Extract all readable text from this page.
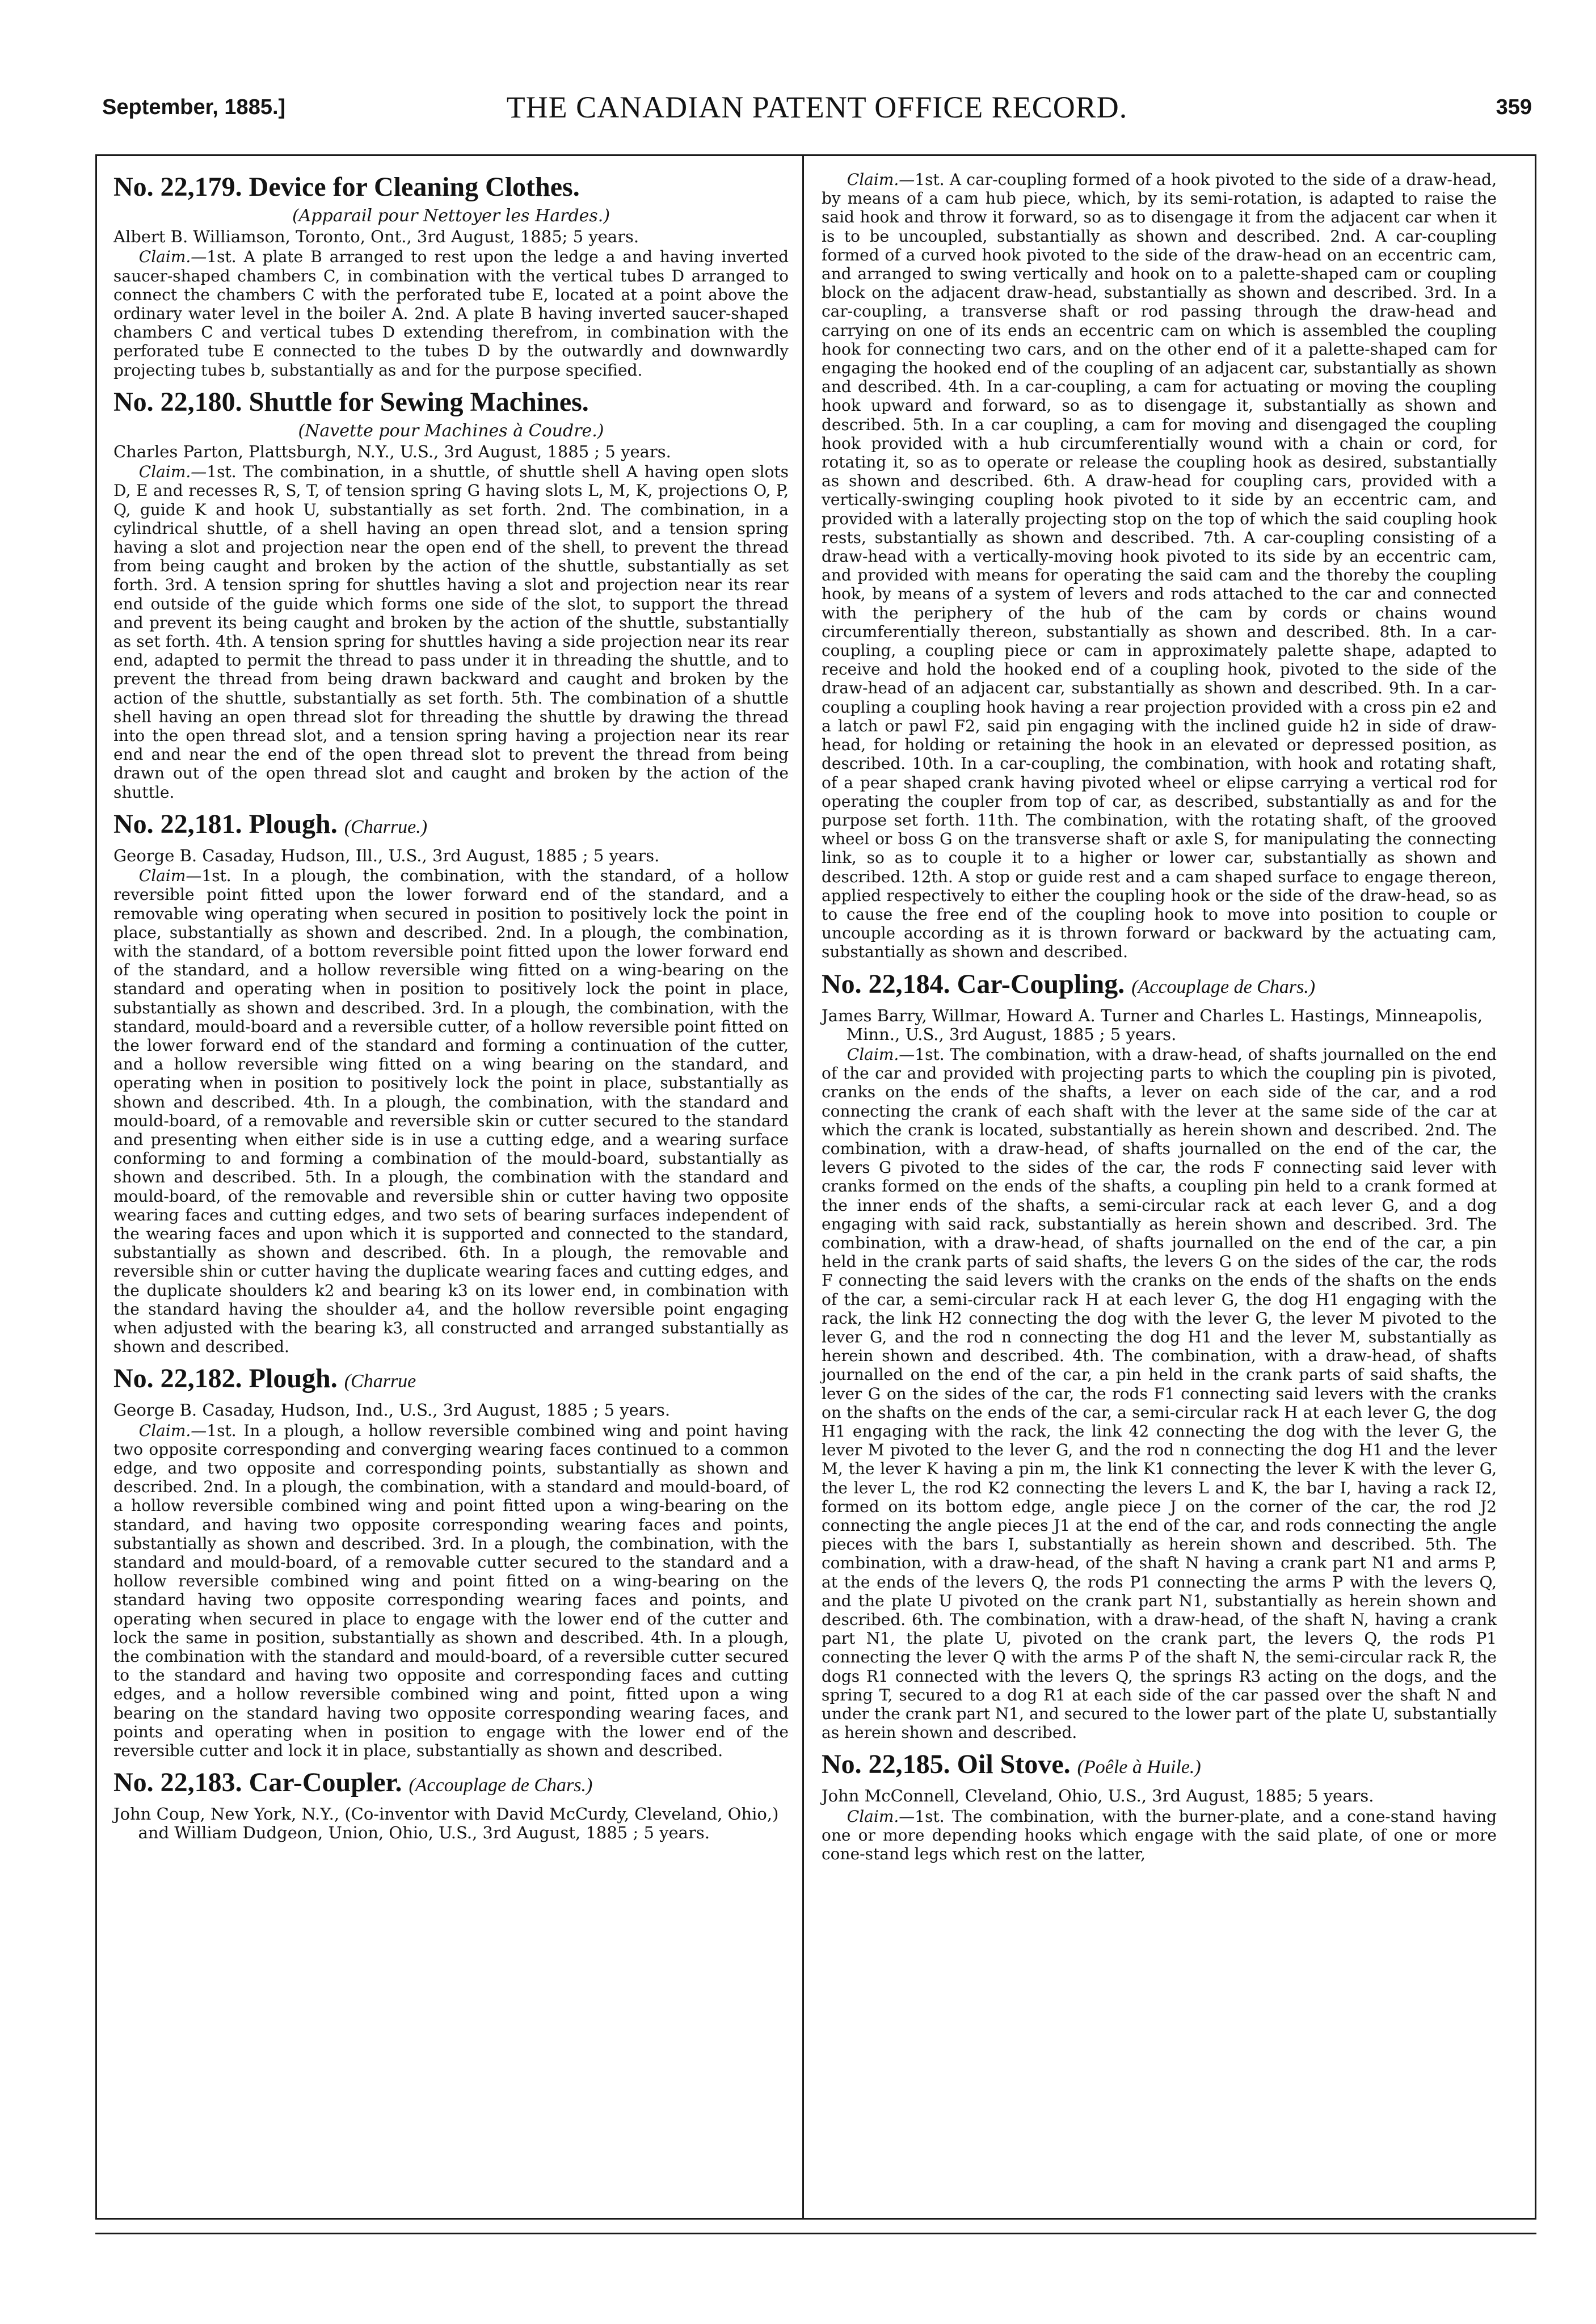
September, 1885.]	THE CANADIAN PATENT OFFICE RECORD.	359
No. 22,179. Device for Cleaning Clothes.
(Apparail pour Nettoyer les Hardes.)
Albert B. Williamson, Toronto, Ont., 3rd August, 1885; 5 years.

Claim.—1st. A plate B arranged to rest upon the ledge a and having inverted saucer-shaped chambers C, in combination with the vertical tubes D arranged to connect the chambers C with the perforated tube E, located at a point above the ordinary water level in the boiler A. 2nd. A plate B having inverted saucer-shaped chambers C and vertical tubes D extending therefrom, in combination with the perforated tube E connected to the tubes D by the outwardly and downwardly projecting tubes b, substantially as and for the purpose specified.

No. 22,180. Shuttle for Sewing Machines.
(Navette pour Machines à Coudre.)
Charles Parton, Plattsburgh, N.Y., U.S., 3rd August, 1885 ; 5 years.

Claim.—1st. The combination, in a shuttle, of shuttle shell A having open slots D, E and recesses R, S, T, of tension spring G having slots L, M, K, projections O, P, Q, guide K and hook U, substantially as set forth. 2nd. The combination, in a cylindrical shuttle, of a shell having an open thread slot, and a tension spring having a slot and projection near the open end of the shell, to prevent the thread from being caught and broken by the action of the shuttle, substantially as set forth. 3rd. A tension spring for shuttles having a slot and projection near its rear end outside of the guide which forms one side of the slot, to support the thread and prevent its being caught and broken by the action of the shuttle, substantially as set forth. 4th. A tension spring for shuttles having a side projection near its rear end, adapted to permit the thread to pass under it in threading the shuttle, and to prevent the thread from being drawn backward and caught and broken by the action of the shuttle, substantially as set forth. 5th. The combination of a shuttle shell having an open thread slot for threading the shuttle by drawing the thread into the open thread slot, and a tension spring having a projection near its rear end and near the end of the open thread slot to prevent the thread from being drawn out of the open thread slot and caught and broken by the action of the shuttle.

No. 22,181. Plough. (Charrue.)
George B. Casaday, Hudson, Ill., U.S., 3rd August, 1885 ; 5 years.

Claim—1st. In a plough, the combination, with the standard, of a hollow reversible point fitted upon the lower forward end of the standard, and a removable wing operating when secured in position to positively lock the point in place, substantially as shown and described. 2nd. In a plough, the combination, with the standard, of a bottom reversible point fitted upon the lower forward end of the standard, and a hollow reversible wing fitted on a wing-bearing on the standard and operating when in position to positively lock the point in place, substantially as shown and described. 3rd. In a plough, the combination, with the standard, mould-board and a reversible cutter, of a hollow reversible point fitted on the lower forward end of the standard and forming a continuation of the cutter, and a hollow reversible wing fitted on a wing bearing on the standard, and operating when in position to positively lock the point in place, substantially as shown and described. 4th. In a plough, the combination, with the standard and mould-board, of a removable and reversible skin or cutter secured to the standard and presenting when either side is in use a cutting edge, and a wearing surface conforming to and forming a combination of the mould-board, substantially as shown and described. 5th. In a plough, the combination with the standard and mould-board, of the removable and reversible shin or cutter having two opposite wearing faces and cutting edges, and two sets of bearing surfaces independent of the wearing faces and upon which it is supported and connected to the standard, substantially as shown and described. 6th. In a plough, the removable and reversible shin or cutter having the duplicate wearing faces and cutting edges, and the duplicate shoulders k2 and bearing k3 on its lower end, in combination with the standard having the shoulder a4, and the hollow reversible point engaging when adjusted with the bearing k3, all constructed and arranged substantially as shown and described.

No. 22,182. Plough. (Charrue
George B. Casaday, Hudson, Ind., U.S., 3rd August, 1885 ; 5 years.

Claim.—1st. In a plough, a hollow reversible combined wing and point having two opposite corresponding and converging wearing faces continued to a common edge, and two opposite and corresponding points, substantially as shown and described. 2nd. In a plough, the combination, with a standard and mould-board, of a hollow reversible combined wing and point fitted upon a wing-bearing on the standard, and having two opposite corresponding wearing faces and points, substantially as shown and described. 3rd. In a plough, the combination, with the standard and mould-board, of a removable cutter secured to the standard and a hollow reversible combined wing and point fitted on a wing-bearing on the standard having two opposite corresponding wearing faces and points, and operating when secured in place to engage with the lower end of the cutter and lock the same in position, substantially as shown and described. 4th. In a plough, the combination with the standard and mould-board, of a reversible cutter secured to the standard and having two opposite and corresponding faces and cutting edges, and a hollow reversible combined wing and point, fitted upon a wing bearing on the standard having two opposite corresponding wearing faces, and points and operating when in position to engage with the lower end of the reversible cutter and lock it in place, substantially as shown and described.

No. 22,183. Car-Coupler. (Accouplage de Chars.)
John Coup, New York, N.Y., (Co-inventor with David McCurdy, Cleveland, Ohio,) and William Dudgeon, Union, Ohio, U.S., 3rd August, 1885 ; 5 years.

Claim.—1st. A car-coupling formed of a hook pivoted to the side of a draw-head, by means of a cam hub piece, which, by its semi-rotation, is adapted to raise the said hook and throw it forward, so as to disengage it from the adjacent car when it is to be uncoupled, substantially as shown and described. 2nd. A car-coupling formed of a curved hook pivoted to the side of the draw-head on an eccentric cam, and arranged to swing vertically and hook on to a palette-shaped cam or coupling block on the adjacent draw-head, substantially as shown and described. 3rd. In a car-coupling, a transverse shaft or rod passing through the draw-head and carrying on one of its ends an eccentric cam on which is assembled the coupling hook for connecting two cars, and on the other end of it a palette-shaped cam for engaging the hooked end of the coupling of an adjacent car, substantially as shown and described. 4th. In a car-coupling, a cam for actuating or moving the coupling hook upward and forward, so as to disengage it, substantially as shown and described. 5th. In a car coupling, a cam for moving and disengaged the coupling hook provided with a hub circumferentially wound with a chain or cord, for rotating it, so as to operate or release the coupling hook as desired, substantially as shown and described. 6th. A draw-head for coupling cars, provided with a vertically-swinging coupling hook pivoted to it side by an eccentric cam, and provided with a laterally projecting stop on the top of which the said coupling hook rests, substantially as shown and described. 7th. A car-coupling consisting of a draw-head with a vertically-moving hook pivoted to its side by an eccentric cam, and provided with means for operating the said cam and the thoreby the coupling hook, by means of a system of levers and rods attached to the car and connected with the periphery of the hub of the cam by cords or chains wound circumferentially thereon, substantially as shown and described. 8th. In a car-coupling, a coupling piece or cam in approximately palette shape, adapted to receive and hold the hooked end of a coupling hook, pivoted to the side of the draw-head of an adjacent car, substantially as shown and described. 9th. In a car-coupling a coupling hook having a rear projection provided with a cross pin e2 and a latch or pawl F2, said pin engaging with the inclined guide h2 in side of draw-head, for holding or retaining the hook in an elevated or depressed position, as described. 10th. In a car-coupling, the combination, with hook and rotating shaft, of a pear shaped crank having pivoted wheel or elipse carrying a vertical rod for operating the coupler from top of car, as described, substantially as and for the purpose set forth. 11th. The combination, with the rotating shaft, of the grooved wheel or boss G on the transverse shaft or axle S, for manipulating the connecting link, so as to couple it to a higher or lower car, substantially as shown and described. 12th. A stop or guide rest and a cam shaped surface to engage thereon, applied respectively to either the coupling hook or the side of the draw-head, so as to cause the free end of the coupling hook to move into position to couple or uncouple according as it is thrown forward or backward by the actuating cam, substantially as shown and described.

No. 22,184. Car-Coupling. (Accouplage de Chars.)
James Barry, Willmar, Howard A. Turner and Charles L. Hastings, Minneapolis, Minn., U.S., 3rd August, 1885 ; 5 years.

Claim.—1st. The combination, with a draw-head, of shafts journalled on the end of the car and provided with projecting parts to which the coupling pin is pivoted, cranks on the ends of the shafts, a lever on each side of the car, and a rod connecting the crank of each shaft with the lever at the same side of the car at which the crank is located, substantially as herein shown and described. 2nd. The combination, with a draw-head, of shafts journalled on the end of the car, the levers G pivoted to the sides of the car, the rods F connecting said lever with cranks formed on the ends of the shafts, a coupling pin held to a crank formed at the inner ends of the shafts, a semi-circular rack at each lever G, and a dog engaging with said rack, substantially as herein shown and described. 3rd. The combination, with a draw-head, of shafts journalled on the end of the car, a pin held in the crank parts of said shafts, the levers G on the sides of the car, the rods F connecting the said levers with the cranks on the ends of the shafts on the ends of the car, a semi-circular rack H at each lever G, the dog H1 engaging with the rack, the link H2 connecting the dog with the lever G, the lever M pivoted to the lever G, and the rod n connecting the dog H1 and the lever M, substantially as herein shown and described. 4th. The combination, with a draw-head, of shafts journalled on the end of the car, a pin held in the crank parts of said shafts, the lever G on the sides of the car, the rods F1 connecting said levers with the cranks on the shafts on the ends of the car, a semi-circular rack H at each lever G, the dog H1 engaging with the rack, the link 42 connecting the dog with the lever G, the lever M pivoted to the lever G, and the rod n connecting the dog H1 and the lever M, the lever K having a pin m, the link K1 connecting the lever K with the lever G, the lever L, the rod K2 connecting the levers L and K, the bar I, having a rack I2, formed on its bottom edge, angle piece J on the corner of the car, the rod J2 connecting the angle pieces J1 at the end of the car, and rods connecting the angle pieces with the bars I, substantially as herein shown and described. 5th. The combination, with a draw-head, of the shaft N having a crank part N1 and arms P, at the ends of the levers Q, the rods P1 connecting the arms P with the levers Q, and the plate U pivoted on the crank part N1, substantially as herein shown and described. 6th. The combination, with a draw-head, of the shaft N, having a crank part N1, the plate U, pivoted on the crank part, the levers Q, the rods P1 connecting the lever Q with the arms P of the shaft N, the semi-circular rack R, the dogs R1 connected with the levers Q, the springs R3 acting on the dogs, and the spring T, secured to a dog R1 at each side of the car passed over the shaft N and under the crank part N1, and secured to the lower part of the plate U, substantially as herein shown and described.

No. 22,185. Oil Stove. (Poêle à Huile.)
John McConnell, Cleveland, Ohio, U.S., 3rd August, 1885; 5 years.

Claim.—1st. The combination, with the burner-plate, and a cone-stand having one or more depending hooks which engage with the said plate, of one or more cone-stand legs which rest on the latter,
